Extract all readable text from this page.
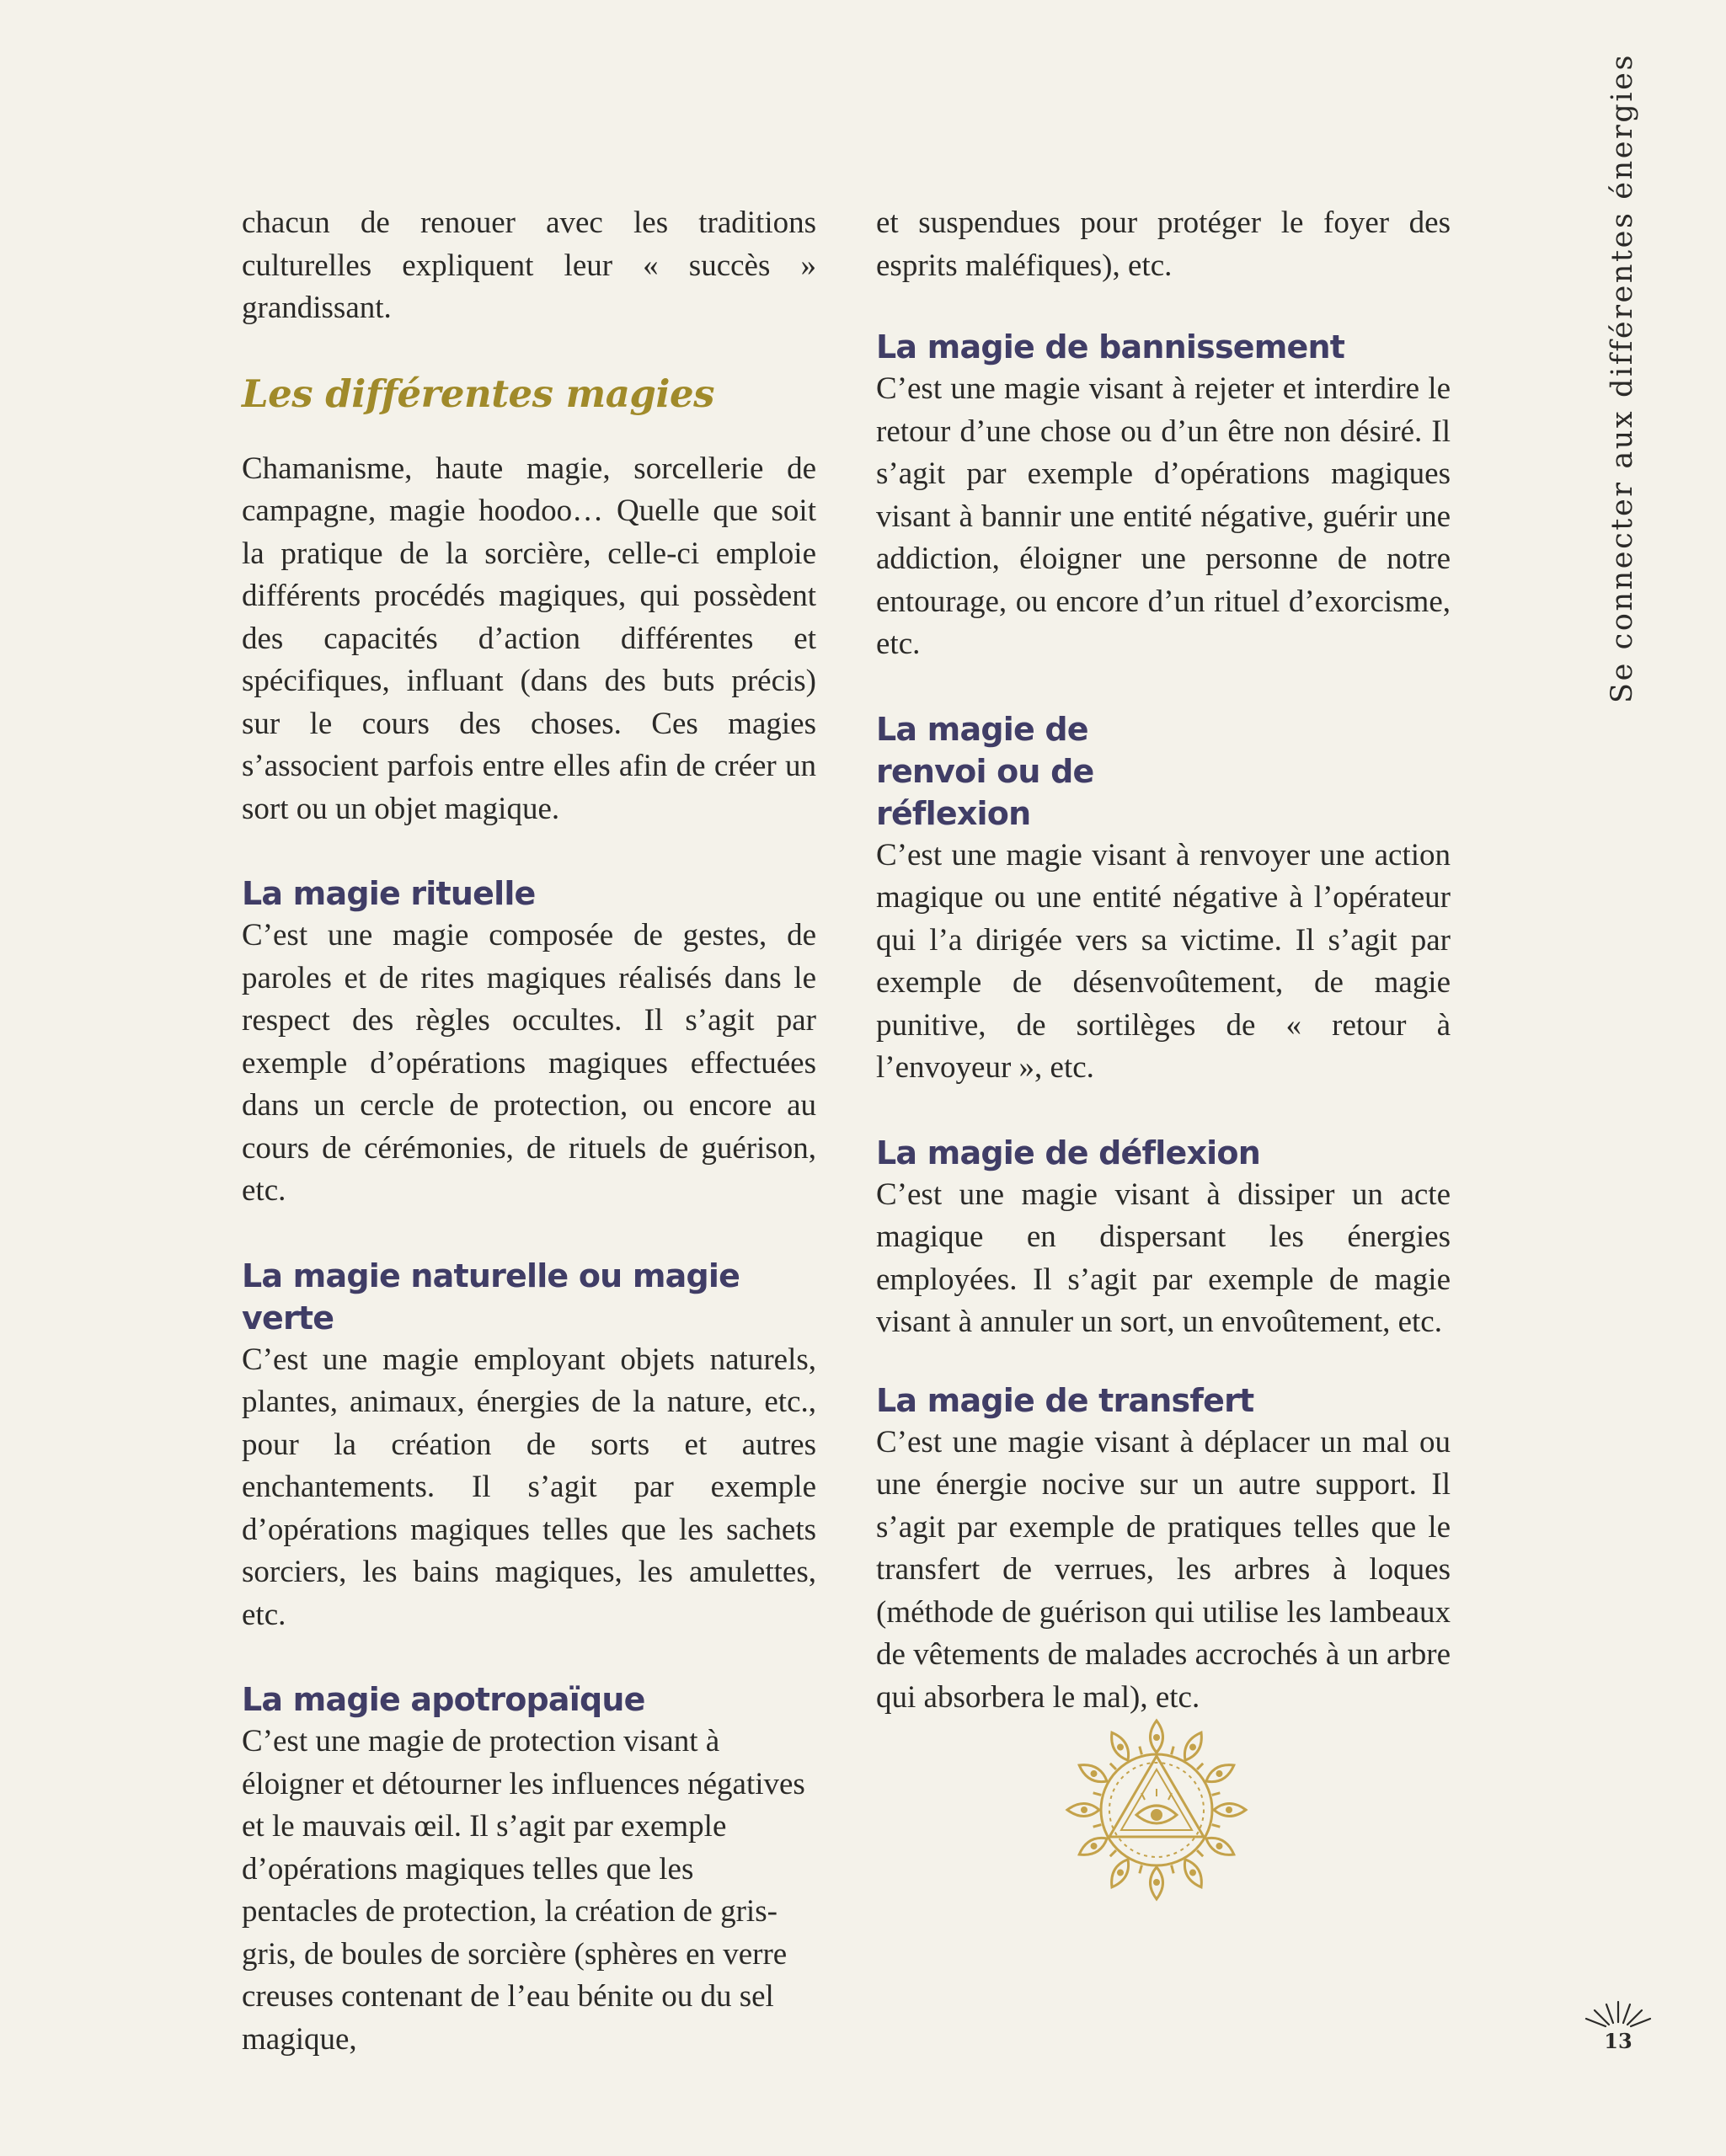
Se connecter aux différentes énergies

chacun de renouer avec les traditions culturelles expliquent leur « succès » grandissant.

Les différentes magies

Chamanisme, haute magie, sorcellerie de campagne, magie hoodoo… Quelle que soit la pratique de la sorcière, celle-ci emploie différents procédés magiques, qui possèdent des capacités d’action différentes et spécifiques, influant (dans des buts précis) sur le cours des choses. Ces magies s’associent parfois entre elles afin de créer un sort ou un objet magique.

La magie rituelle

C’est une magie composée de gestes, de paroles et de rites magiques réalisés dans le respect des règles occultes. Il s’agit par exemple d’opérations magiques effectuées dans un cercle de protection, ou encore au cours de cérémonies, de rituels de guérison, etc.

La magie naturelle ou magie verte

C’est une magie employant objets naturels, plantes, animaux, énergies de la nature, etc., pour la création de sorts et autres enchantements. Il s’agit par exemple d’opérations magiques telles que les sachets sorciers, les bains magiques, les amulettes, etc.

La magie apotropaïque

C’est une magie de protection visant à éloigner et détourner les influences négatives et le mauvais œil. Il s’agit par exemple d’opérations magiques telles que les pentacles de protection, la création de gris-gris, de boules de sorcière (sphères en verre creuses contenant de l’eau bénite ou du sel magique,

et suspendues pour protéger le foyer des esprits maléfiques), etc.

La magie de bannissement

C’est une magie visant à rejeter et interdire le retour d’une chose ou d’un être non désiré. Il s’agit par exemple d’opérations magiques visant à bannir une entité négative, guérir une addiction, éloigner une personne de notre entourage, ou encore d’un rituel d’exorcisme, etc.

La magie de renvoi ou de réflexion

C’est une magie visant à renvoyer une action magique ou une entité négative à l’opérateur qui l’a dirigée vers sa victime. Il s’agit par exemple de désenvoûtement, de magie punitive, de sortilèges de « retour à l’envoyeur », etc.

La magie de déflexion

C’est une magie visant à dissiper un acte magique en dispersant les énergies employées. Il s’agit par exemple de magie visant à annuler un sort, un envoûtement, etc.

La magie de transfert

C’est une magie visant à déplacer un mal ou une énergie nocive sur un autre support. Il s’agit par exemple de pratiques telles que le transfert de verrues, les arbres à loques (méthode de guérison qui utilise les lambeaux de vêtements de malades accrochés à un arbre qui absorbera le mal), etc.

13
